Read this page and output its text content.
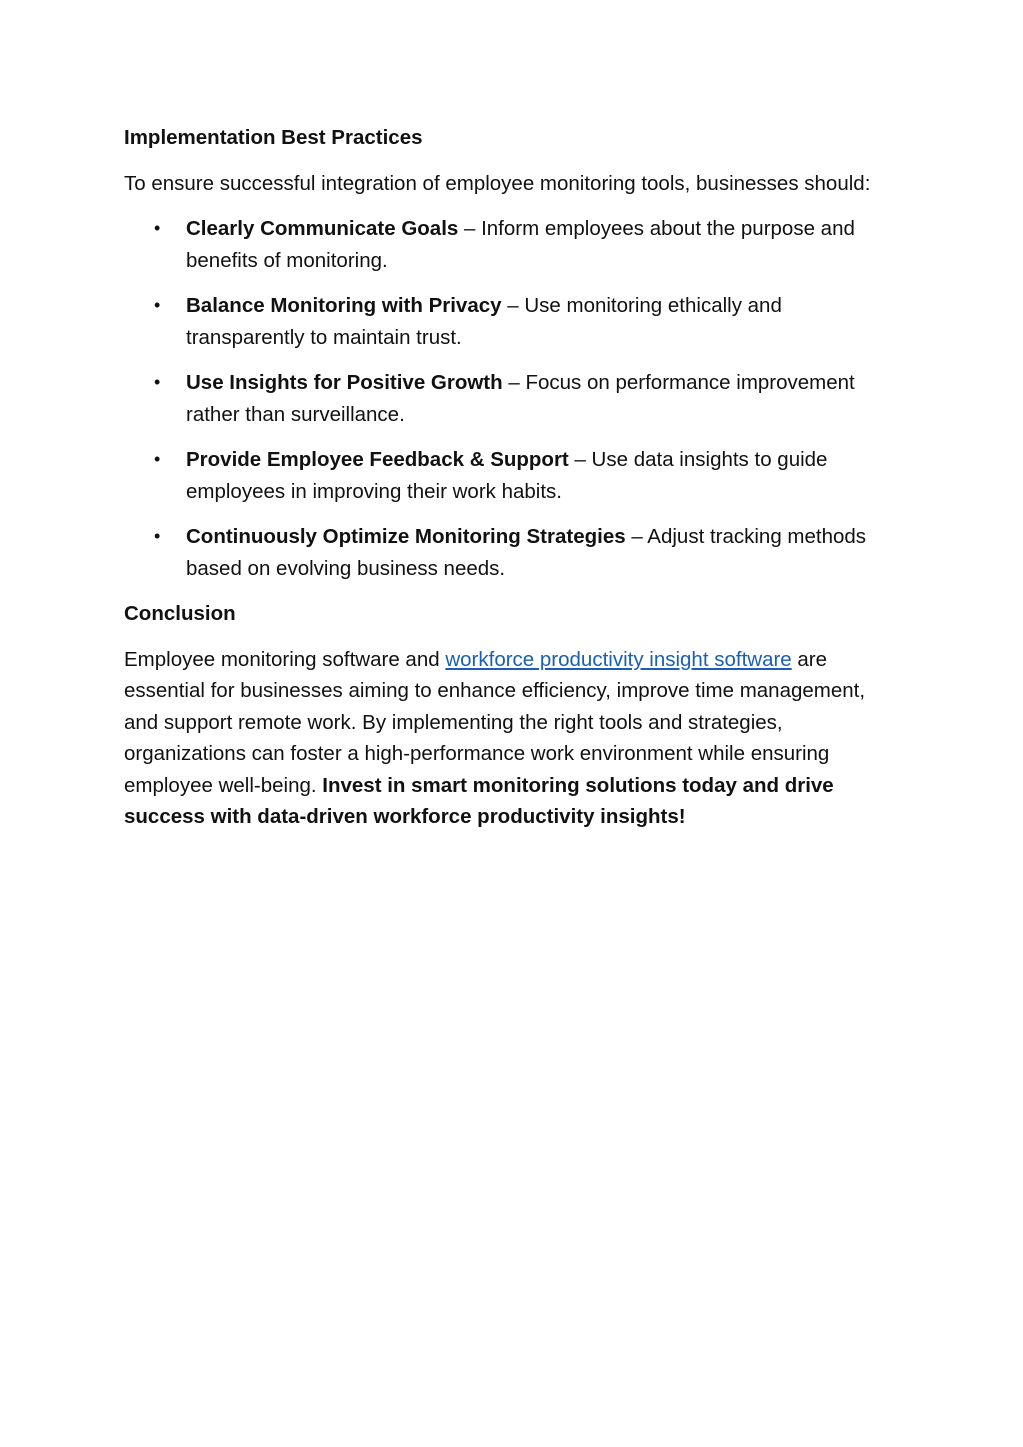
Implementation Best Practices
To ensure successful integration of employee monitoring tools, businesses should:
• Clearly Communicate Goals – Inform employees about the purpose and benefits of monitoring.
• Balance Monitoring with Privacy – Use monitoring ethically and transparently to maintain trust.
• Use Insights for Positive Growth – Focus on performance improvement rather than surveillance.
• Provide Employee Feedback & Support – Use data insights to guide employees in improving their work habits.
• Continuously Optimize Monitoring Strategies – Adjust tracking methods based on evolving business needs.
Conclusion
Employee monitoring software and workforce productivity insight software are essential for businesses aiming to enhance efficiency, improve time management, and support remote work. By implementing the right tools and strategies, organizations can foster a high-performance work environment while ensuring employee well-being. Invest in smart monitoring solutions today and drive success with data-driven workforce productivity insights!
